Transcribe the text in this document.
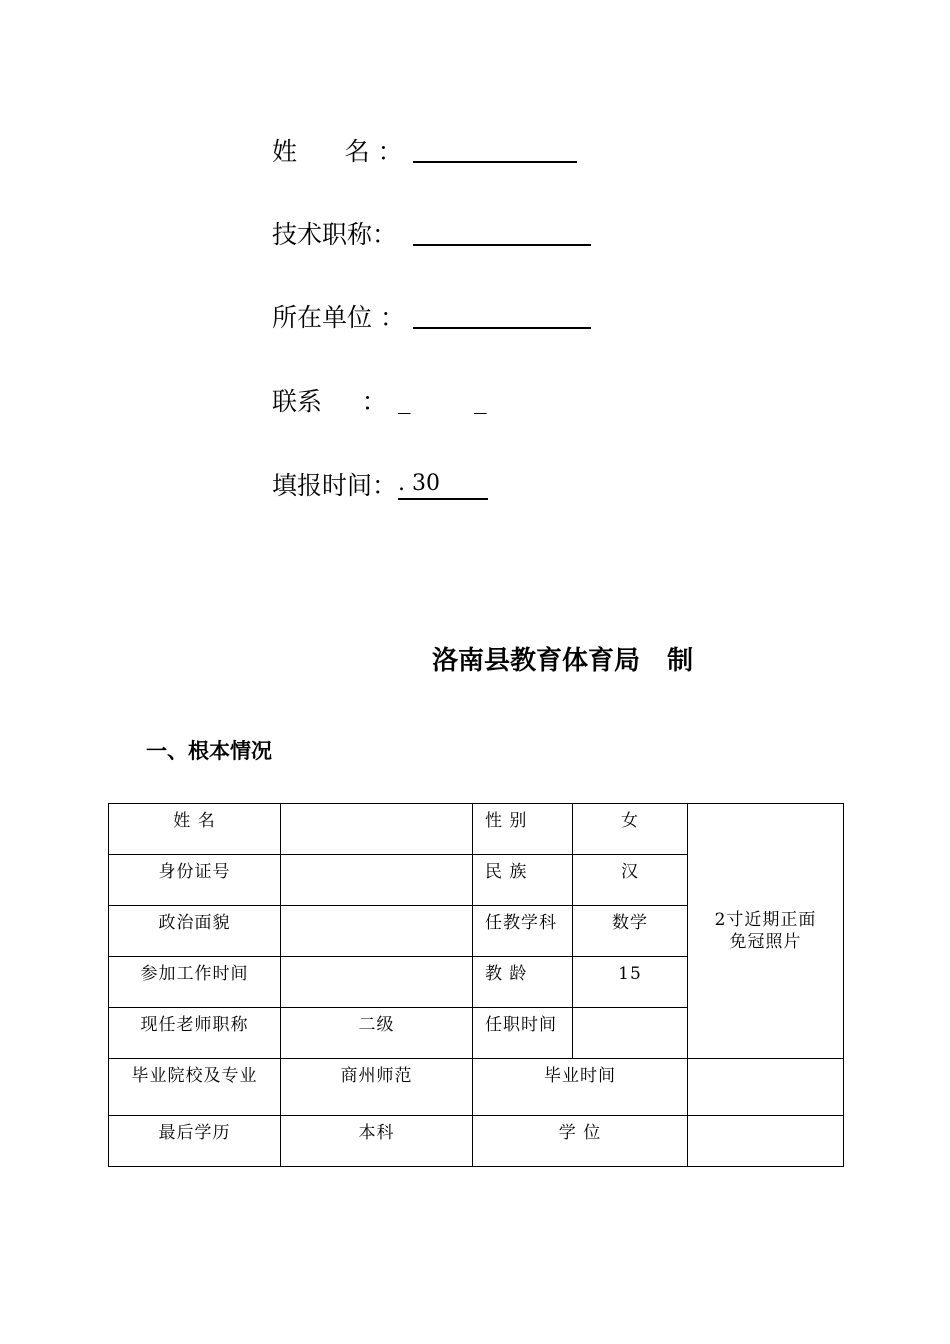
姓      名 ：
技术职称：
所在单位 ：
联系     ： _        _
填报时间： . 30
洛南县教育体育局   制
一、根本情况
姓 名		性 别	女	2寸近期正面
免冠照片

身份证号		民 族	汉	
政治面貌		任教学科	数学	
参加工作时间		教 龄	15	
现任老师职称	二级	任职时间		
毕业院校及专业	商州师范	毕业时间		
最后学历	本科	学 位		
